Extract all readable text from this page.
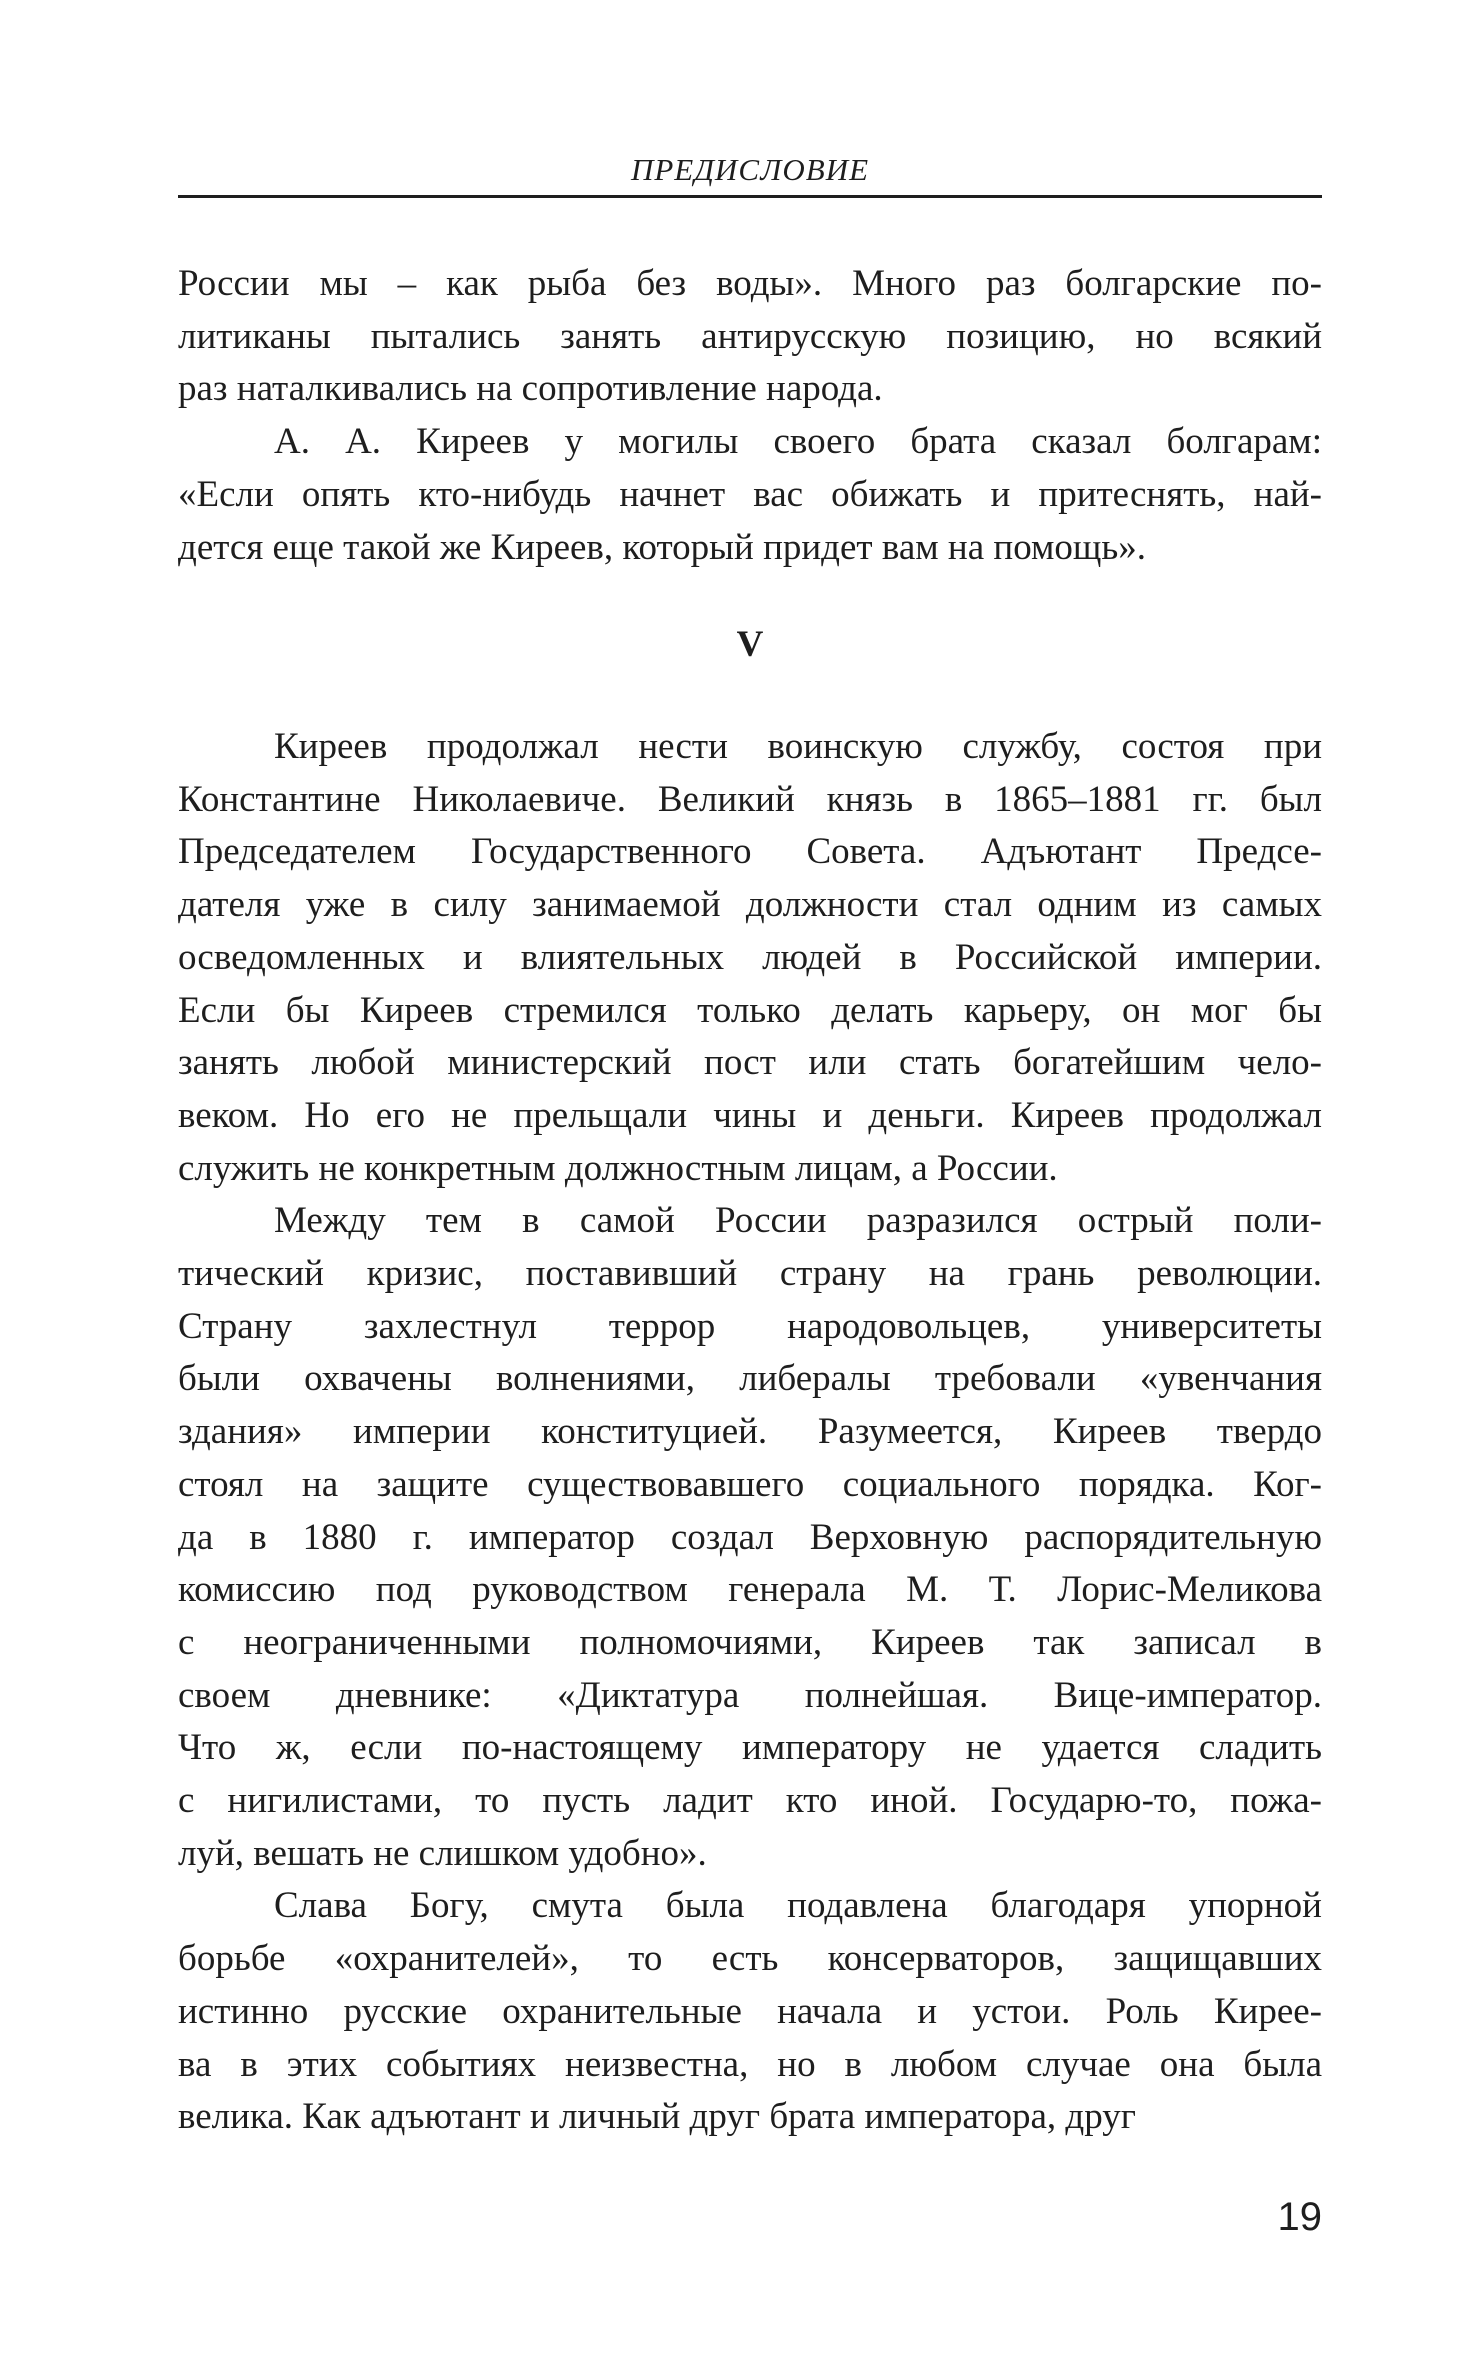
ПРЕДИСЛОВИЕ

России мы – как рыба без воды». Много раз болгарские по-
литиканы пытались занять антирусскую позицию, но всякий
раз наталкивались на сопротивление народа.

А. А. Киреев у могилы своего брата сказал болгарам:
«Если опять кто-нибудь начнет вас обижать и притеснять, най-
дется еще такой же Киреев, который придет вам на помощь».

V

Киреев продолжал нести воинскую службу, состоя при
Константине Николаевиче. Великий князь в 1865–1881 гг. был
Председателем Государственного Совета. Адъютант Предсе-
дателя уже в силу занимаемой должности стал одним из самых
осведомленных и влиятельных людей в Российской империи.
Если бы Киреев стремился только делать карьеру, он мог бы
занять любой министерский пост или стать богатейшим чело-
веком. Но его не прельщали чины и деньги. Киреев продолжал
служить не конкретным должностным лицам, а России.

Между тем в самой России разразился острый поли-
тический кризис, поставивший страну на грань революции.
Страну захлестнул террор народовольцев, университеты
были охвачены волнениями, либералы требовали «увенчания
здания» империи конституцией. Разумеется, Киреев твердо
стоял на защите существовавшего социального порядка. Ког-
да в 1880 г. император создал Верховную распорядительную
комиссию под руководством генерала М. Т. Лорис-Меликова
с неограниченными полномочиями, Киреев так записал в
своем дневнике: «Диктатура полнейшая. Вице-император.
Что ж, если по-настоящему императору не удается сладить
с нигилистами, то пусть ладит кто иной. Государю-то, пожа-
луй, вешать не слишком удобно».

Слава Богу, смута была подавлена благодаря упорной
борьбе «охранителей», то есть консерваторов, защищавших
истинно русские охранительные начала и устои. Роль Кирее-
ва в этих событиях неизвестна, но в любом случае она была
велика. Как адъютант и личный друг брата императора, друг

19
